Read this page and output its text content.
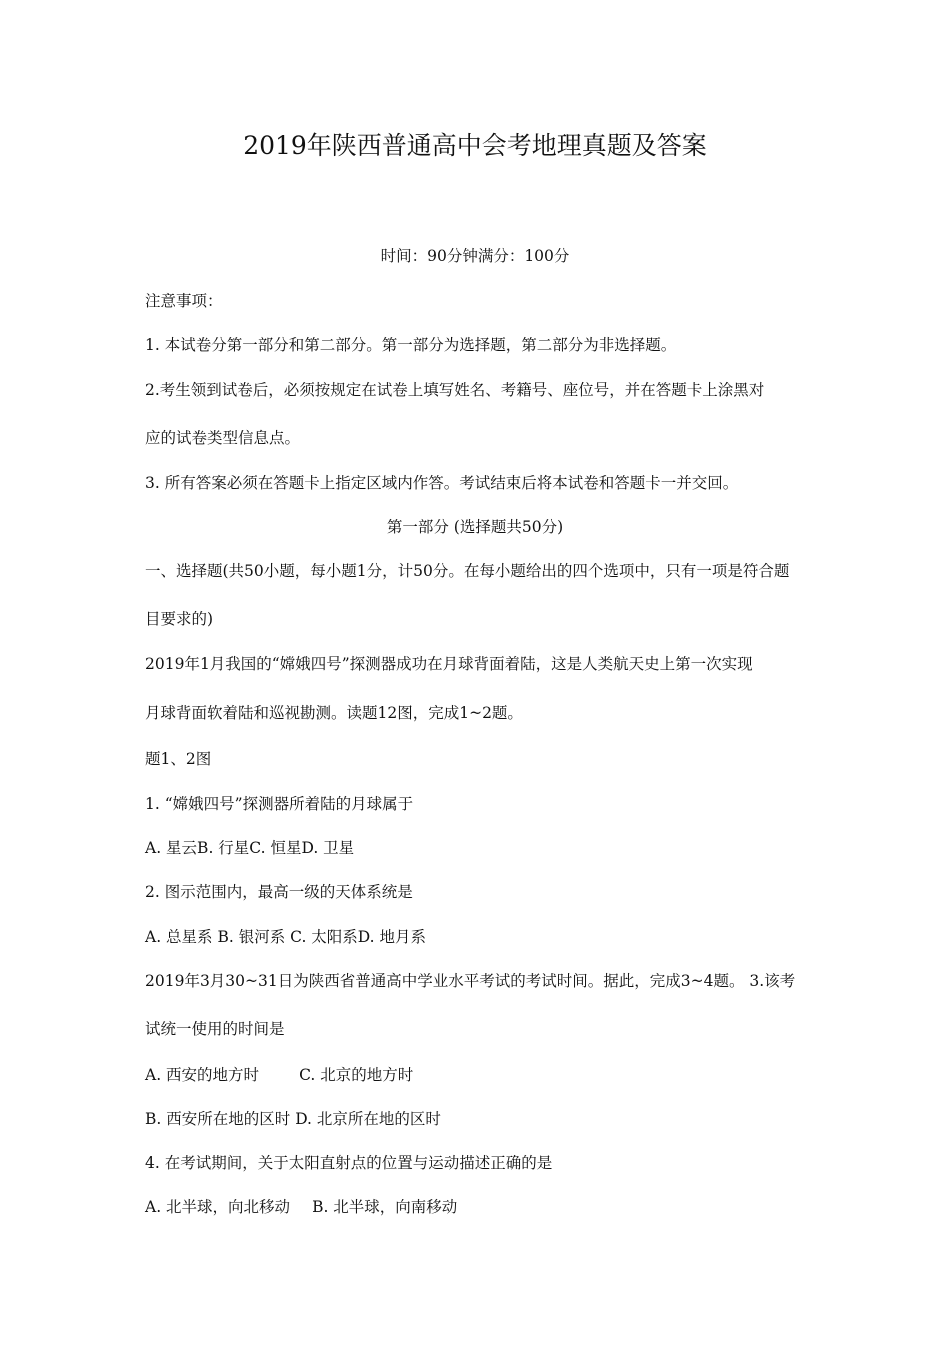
2019年陕西普通高中会考地理真题及答案
时间：90分钟满分：100分
注意事项：
1. 本试卷分第一部分和第二部分。第一部分为选择题，第二部分为非选择题。
2.考生领到试卷后，必须按规定在试卷上填写姓名、考籍号、座位号，并在答题卡上涂黑对
应的试卷类型信息点。
3. 所有答案必须在答题卡上指定区域内作答。考试结束后将本试卷和答题卡一并交回。
第一部分 (选择题共50分)
一、选择题(共50小题，每小题1分，计50分。在每小题给出的四个选项中，只有一项是符合题
目要求的)
2019年1月我国的“嫦娥四号”探测器成功在月球背面着陆，这是人类航天史上第一次实现
月球背面软着陆和巡视勘测。读题12图，完成1~2题。
题1、2图
1. “嫦娥四号”探测器所着陆的月球属于
A. 星云B. 行星C. 恒星D. 卫星
2. 图示范围内，最高一级的天体系统是
A. 总星系 B. 银河系 C. 太阳系D. 地月系
2019年3月30~31日为陕西省普通高中学业水平考试的考试时间。据此，完成3~4题。 3.该考
试统一使用的时间是
A. 西安的地方时	C. 北京的地方时
B. 西安所在地的区时 D. 北京所在地的区时
4. 在考试期间，关于太阳直射点的位置与运动描述正确的是
A. 北半球，向北移动 B. 北半球，向南移动
